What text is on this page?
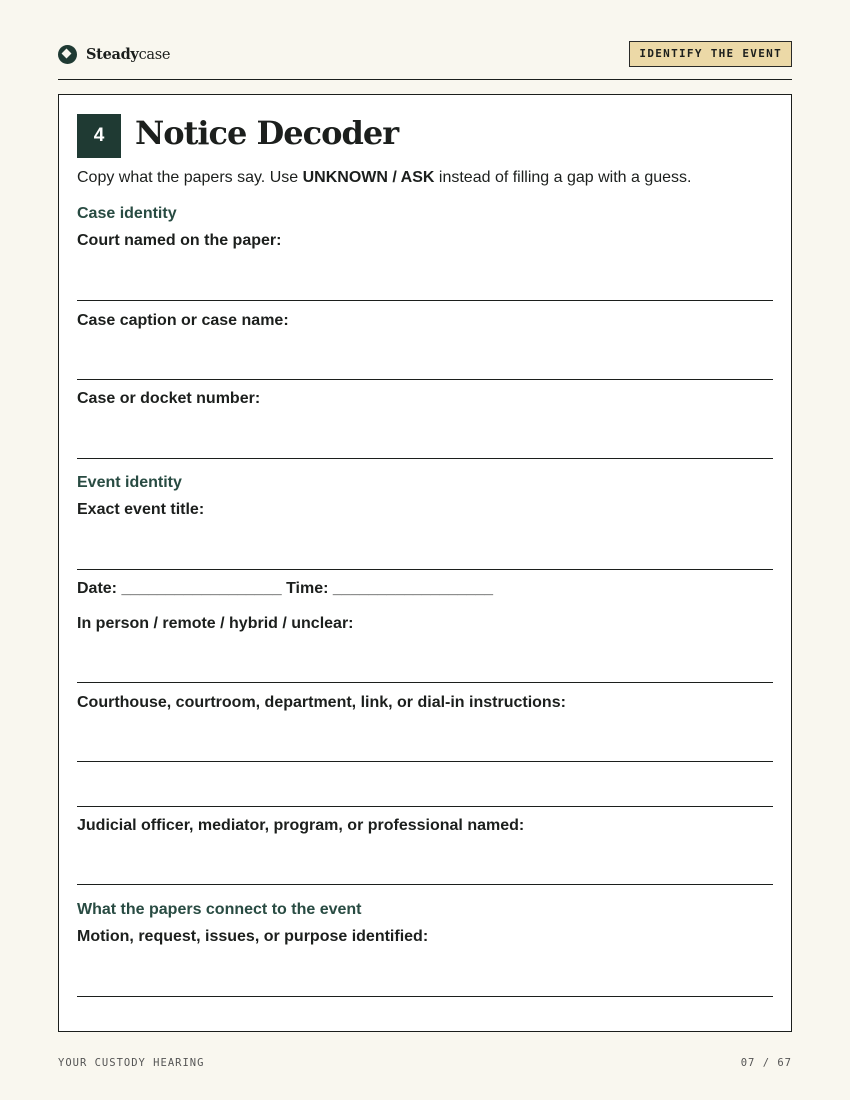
Steadycase	IDENTIFY THE EVENT
4 Notice Decoder
Copy what the papers say. Use UNKNOWN / ASK instead of filling a gap with a guess.
Case identity
Court named on the paper:
Case caption or case name:
Case or docket number:
Event identity
Exact event title:
Date: __________________ Time: __________________
In person / remote / hybrid / unclear:
Courthouse, courtroom, department, link, or dial-in instructions:
Judicial officer, mediator, program, or professional named:
What the papers connect to the event
Motion, request, issues, or purpose identified:
YOUR CUSTODY HEARING	07 / 67
